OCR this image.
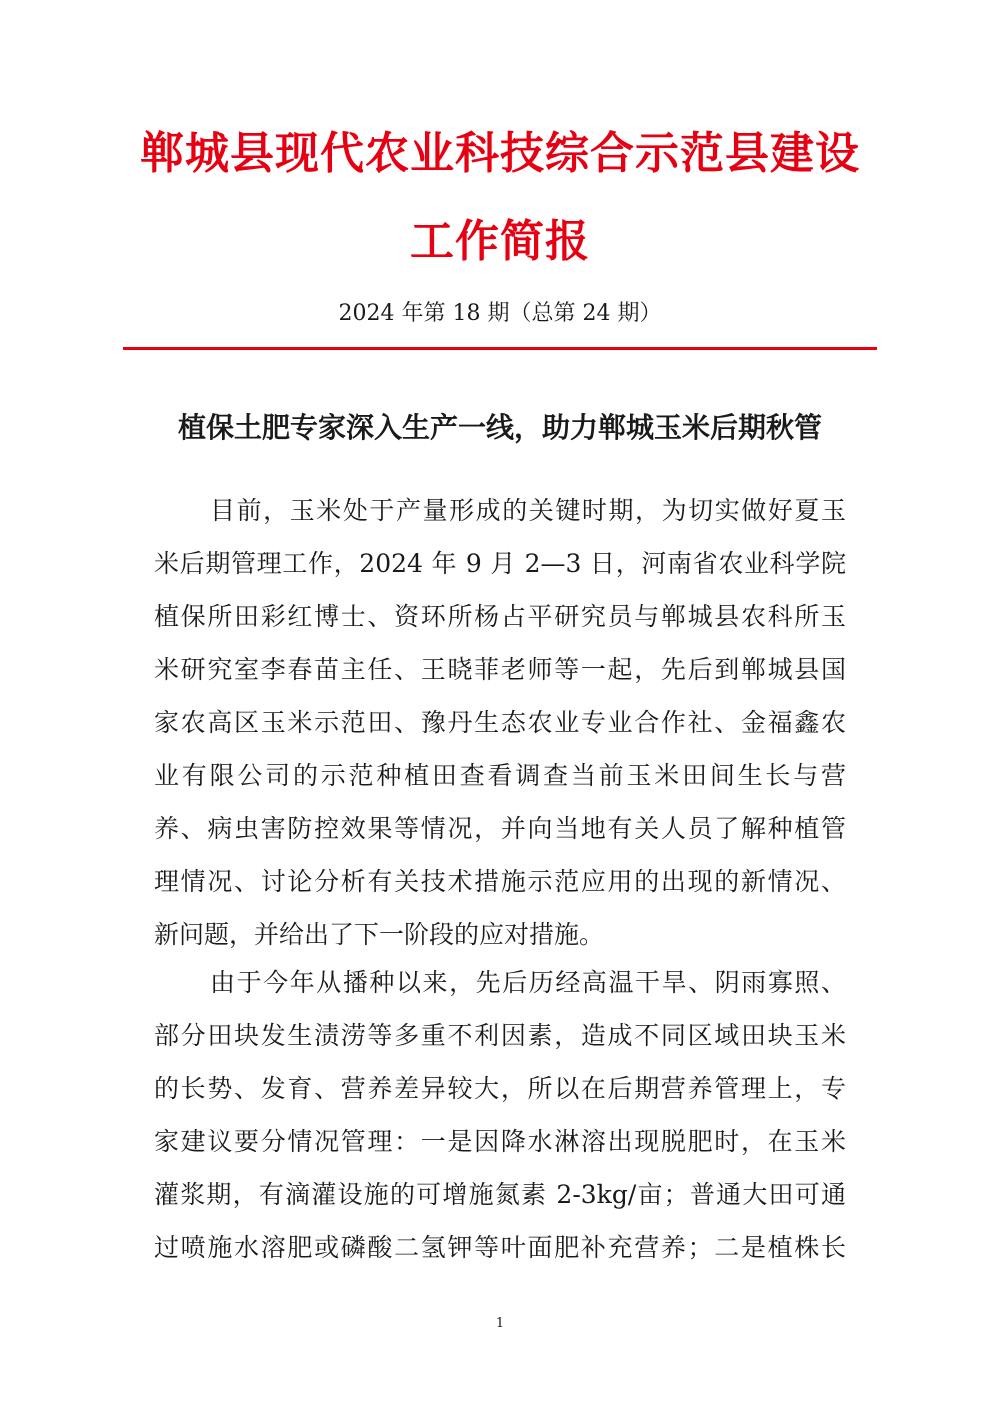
郸城县现代农业科技综合示范县建设
工作简报
2024 年第 18 期（总第 24 期）
植保土肥专家深入生产一线，助力郸城玉米后期秋管
目前，玉米处于产量形成的关键时期，为切实做好夏玉
米后期管理工作，2024 年 9 月 2—3 日，河南省农业科学院
植保所田彩红博士、资环所杨占平研究员与郸城县农科所玉
米研究室李春苗主任、王晓菲老师等一起，先后到郸城县国
家农高区玉米示范田、豫丹生态农业专业合作社、金福鑫农
业有限公司的示范种植田查看调查当前玉米田间生长与营
养、病虫害防控效果等情况，并向当地有关人员了解种植管
理情况、讨论分析有关技术措施示范应用的出现的新情况、
新问题，并给出了下一阶段的应对措施。
由于今年从播种以来，先后历经高温干旱、阴雨寡照、
部分田块发生渍涝等多重不利因素，造成不同区域田块玉米
的长势、发育、营养差异较大，所以在后期营养管理上，专
家建议要分情况管理：一是因降水淋溶出现脱肥时，在玉米
灌浆期，有滴灌设施的可增施氮素 2-3kg/亩；普通大田可通
过喷施水溶肥或磷酸二氢钾等叶面肥补充营养；二是植株长
1
